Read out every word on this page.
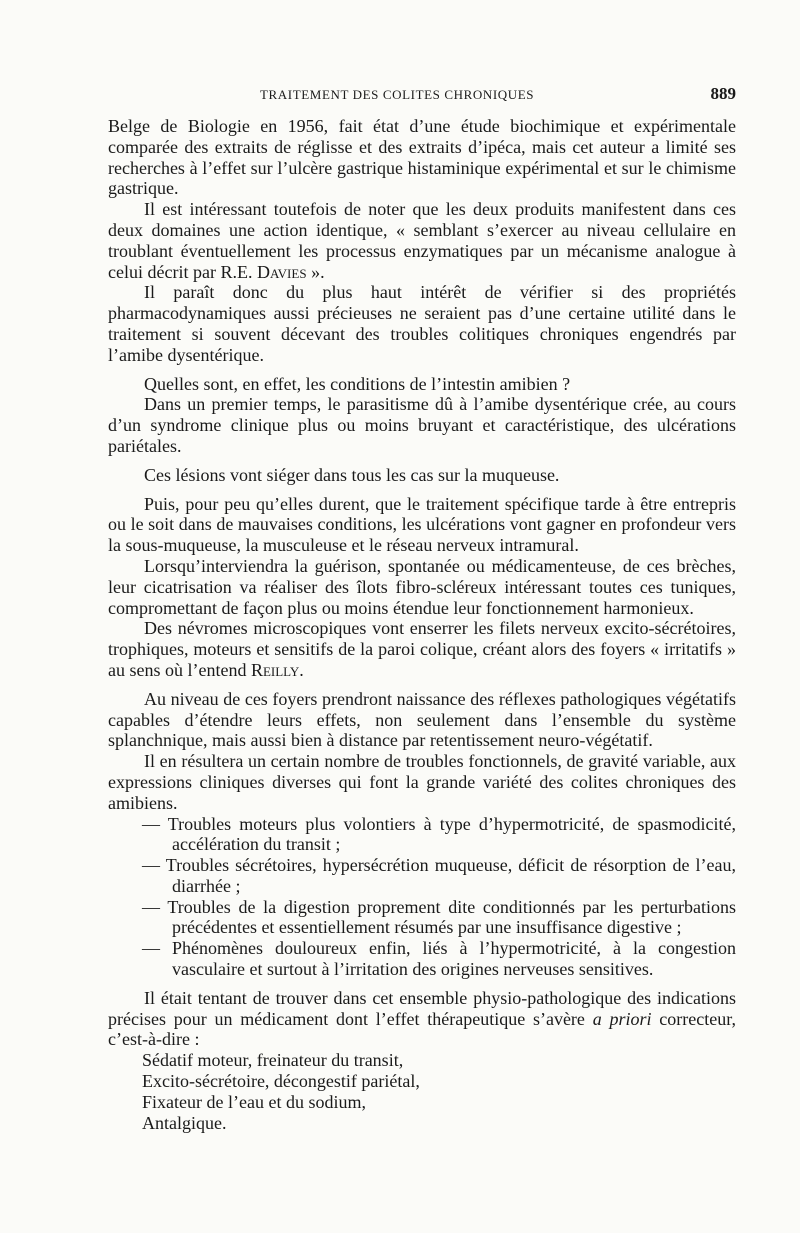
TRAITEMENT DES COLITES CHRONIQUES	889

Belge de Biologie en 1956, fait état d’une étude biochimique et expérimentale comparée des extraits de réglisse et des extraits d’ipéca, mais cet auteur a limité ses recherches à l’effet sur l’ulcère gastrique histaminique expérimental et sur le chimisme gastrique.

Il est intéressant toutefois de noter que les deux produits manifestent dans ces deux domaines une action identique, « semblant s’exercer au niveau cellulaire en troublant éventuellement les processus enzymatiques par un mécanisme analogue à celui décrit par R.E. Davies ».

Il paraît donc du plus haut intérêt de vérifier si des propriétés pharmacodynamiques aussi précieuses ne seraient pas d’une certaine utilité dans le traitement si souvent décevant des troubles colitiques chroniques engendrés par l’amibe dysentérique.

Quelles sont, en effet, les conditions de l’intestin amibien ?

Dans un premier temps, le parasitisme dû à l’amibe dysentérique crée, au cours d’un syndrome clinique plus ou moins bruyant et caractéristique, des ulcérations pariétales.

Ces lésions vont siéger dans tous les cas sur la muqueuse.

Puis, pour peu qu’elles durent, que le traitement spécifique tarde à être entrepris ou le soit dans de mauvaises conditions, les ulcérations vont gagner en profondeur vers la sous-muqueuse, la musculeuse et le réseau nerveux intramural.

Lorsqu’interviendra la guérison, spontanée ou médicamenteuse, de ces brèches, leur cicatrisation va réaliser des îlots fibro-scléreux intéressant toutes ces tuniques, compromettant de façon plus ou moins étendue leur fonctionnement harmonieux.

Des névromes microscopiques vont enserrer les filets nerveux excito-sécrétoires, trophiques, moteurs et sensitifs de la paroi colique, créant alors des foyers « irritatifs » au sens où l’entend Reilly.

Au niveau de ces foyers prendront naissance des réflexes pathologiques végétatifs capables d’étendre leurs effets, non seulement dans l’ensemble du système splanchnique, mais aussi bien à distance par retentissement neuro-végétatif.

Il en résultera un certain nombre de troubles fonctionnels, de gravité variable, aux expressions cliniques diverses qui font la grande variété des colites chroniques des amibiens.

— Troubles moteurs plus volontiers à type d’hypermotricité, de spasmodicité, accélération du transit ;

— Troubles sécrétoires, hypersécrétion muqueuse, déficit de résorption de l’eau, diarrhée ;

— Troubles de la digestion proprement dite conditionnés par les perturbations précédentes et essentiellement résumés par une insuffisance digestive ;

— Phénomènes douloureux enfin, liés à l’hypermotricité, à la congestion vasculaire et surtout à l’irritation des origines nerveuses sensitives.

Il était tentant de trouver dans cet ensemble physio-pathologique des indications précises pour un médicament dont l’effet thérapeutique s’avère a priori correcteur, c’est-à-dire :

Sédatif moteur, freinateur du transit,

Excito-sécrétoire, décongestif pariétal,

Fixateur de l’eau et du sodium,

Antalgique.
